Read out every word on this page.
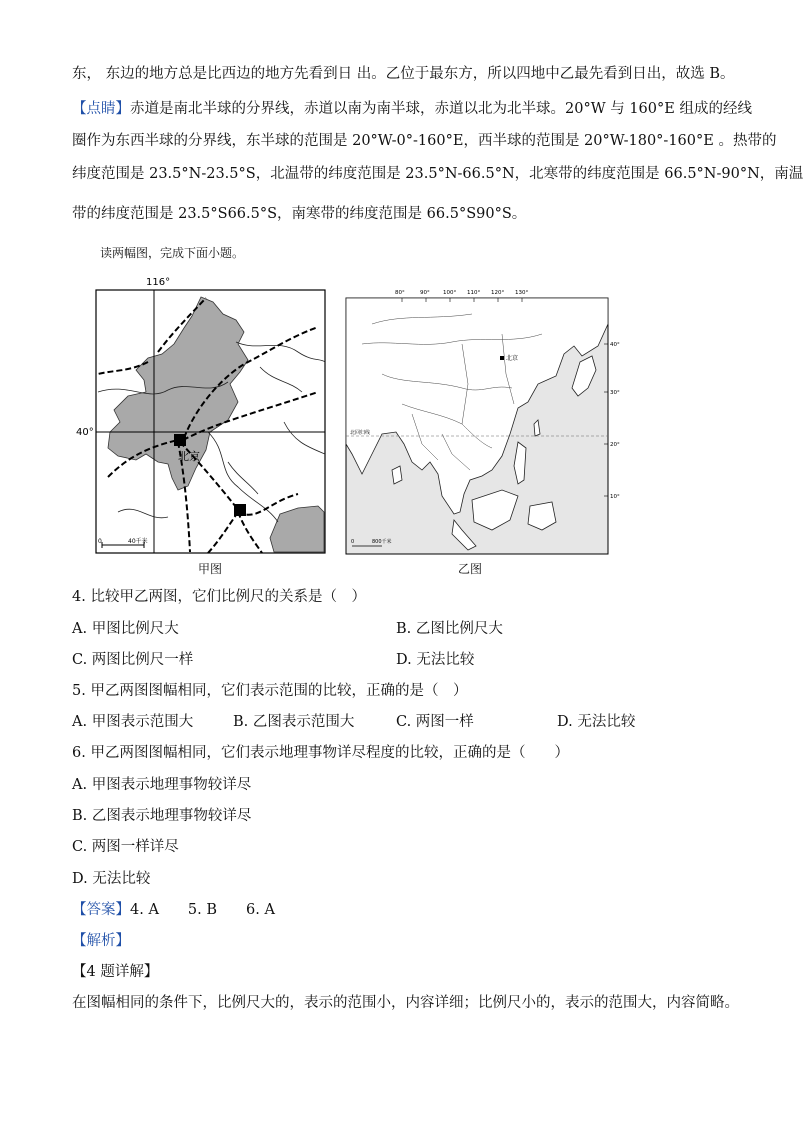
东， 东边的地方总是比西边的地方先看到日 出。乙位于最东方，所以四地中乙最先看到日出，故选 B。
【点睛】赤道是南北半球的分界线，赤道以南为南半球，赤道以北为北半球。20°W 与 160°E 组成的经线
圈作为东西半球的分界线，东半球的范围是 20°W-0°-160°E，西半球的范围是 20°W-180°-160°E 。热带的
纬度范围是 23.5°N-23.5°S，北温带的纬度范围是 23.5°N-66.5°N，北寒带的纬度范围是 66.5°N-90°N，南温
带的纬度范围是 23.5°S66.5°S，南寒带的纬度范围是 66.5°S90°S。
读两幅图，完成下面小题。
116°
40°
北京
0	40千米
甲图
80°	90° 100° 110° 120° 130°
40°
30°
20°
10°
北回归线
北京
0	800千米
乙图
4. 比较甲乙两图，它们比例尺的关系是（　）
A. 甲图比例尺大	B. 乙图比例尺大
C. 两图比例尺一样	D. 无法比较
5. 甲乙两图图幅相同，它们表示范围的比较，正确的是（　）
A. 甲图表示范围大	B. 乙图表示范围大	C. 两图一样	D. 无法比较
6. 甲乙两图图幅相同，它们表示地理事物详尽程度的比较，正确的是（　　）
A. 甲图表示地理事物较详尽
B. 乙图表示地理事物较详尽
C. 两图一样详尽
D. 无法比较
【答案】4. A　　5. B　　6. A
【解析】
【4 题详解】
在图幅相同的条件下，比例尺大的，表示的范围小，内容详细；比例尺小的，表示的范围大，内容简略。
